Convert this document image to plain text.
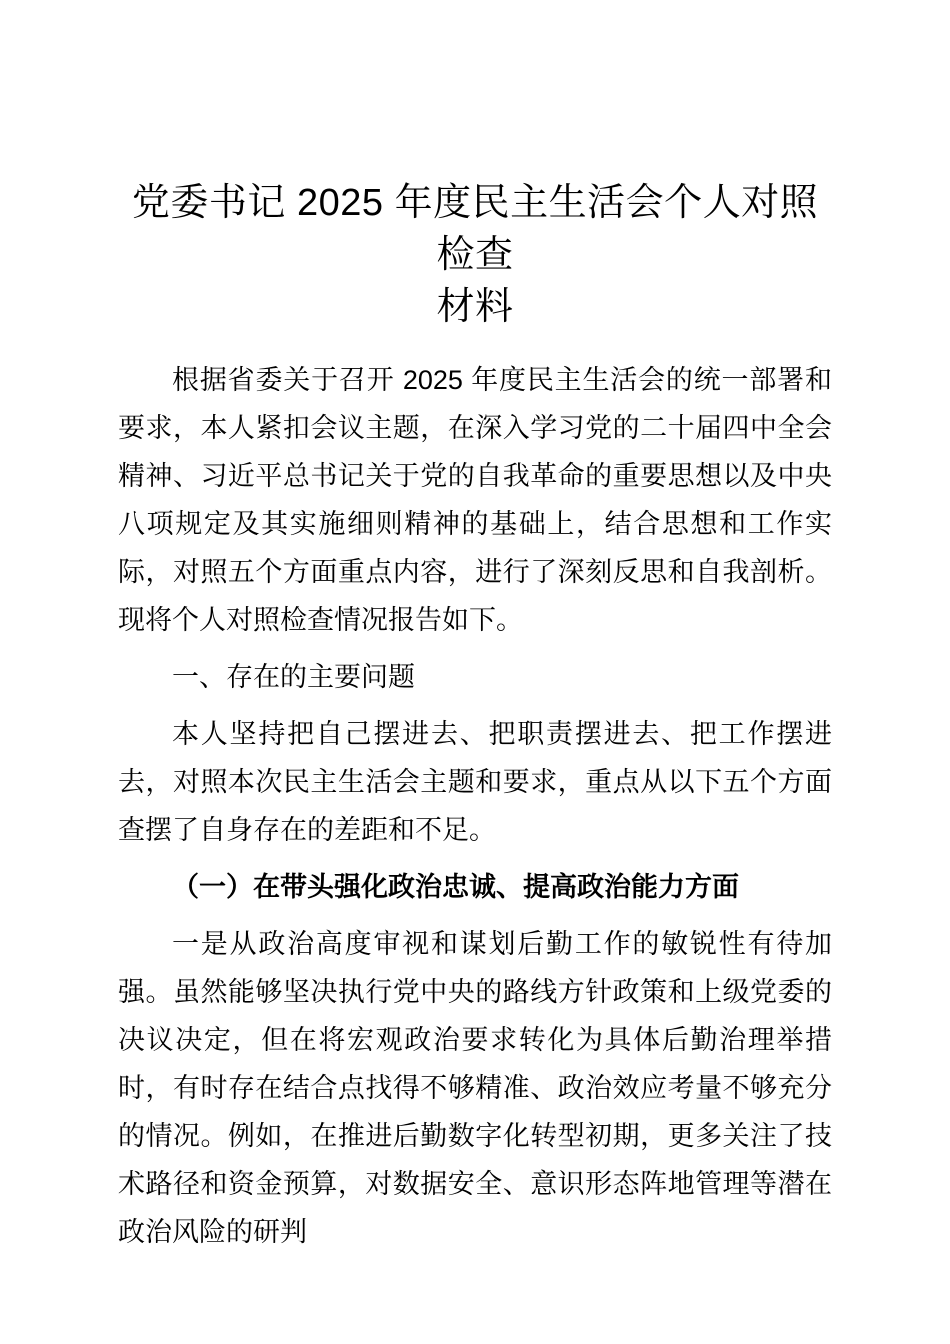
党委书记 2025 年度民主生活会个人对照检查
材料

根据省委关于召开 2025 年度民主生活会的统一部署和要求，本人紧扣会议主题，在深入学习党的二十届四中全会精神、习近平总书记关于党的自我革命的重要思想以及中央八项规定及其实施细则精神的基础上，结合思想和工作实际，对照五个方面重点内容，进行了深刻反思和自我剖析。现将个人对照检查情况报告如下。

一、存在的主要问题

本人坚持把自己摆进去、把职责摆进去、把工作摆进去，对照本次民主生活会主题和要求，重点从以下五个方面查摆了自身存在的差距和不足。

（一）在带头强化政治忠诚、提高政治能力方面

一是从政治高度审视和谋划后勤工作的敏锐性有待加强。虽然能够坚决执行党中央的路线方针政策和上级党委的决议决定，但在将宏观政治要求转化为具体后勤治理举措时，有时存在结合点找得不够精准、政治效应考量不够充分的情况。例如，在推进后勤数字化转型初期，更多关注了技术路径和资金预算，对数据安全、意识形态阵地管理等潜在政治风险的研判
